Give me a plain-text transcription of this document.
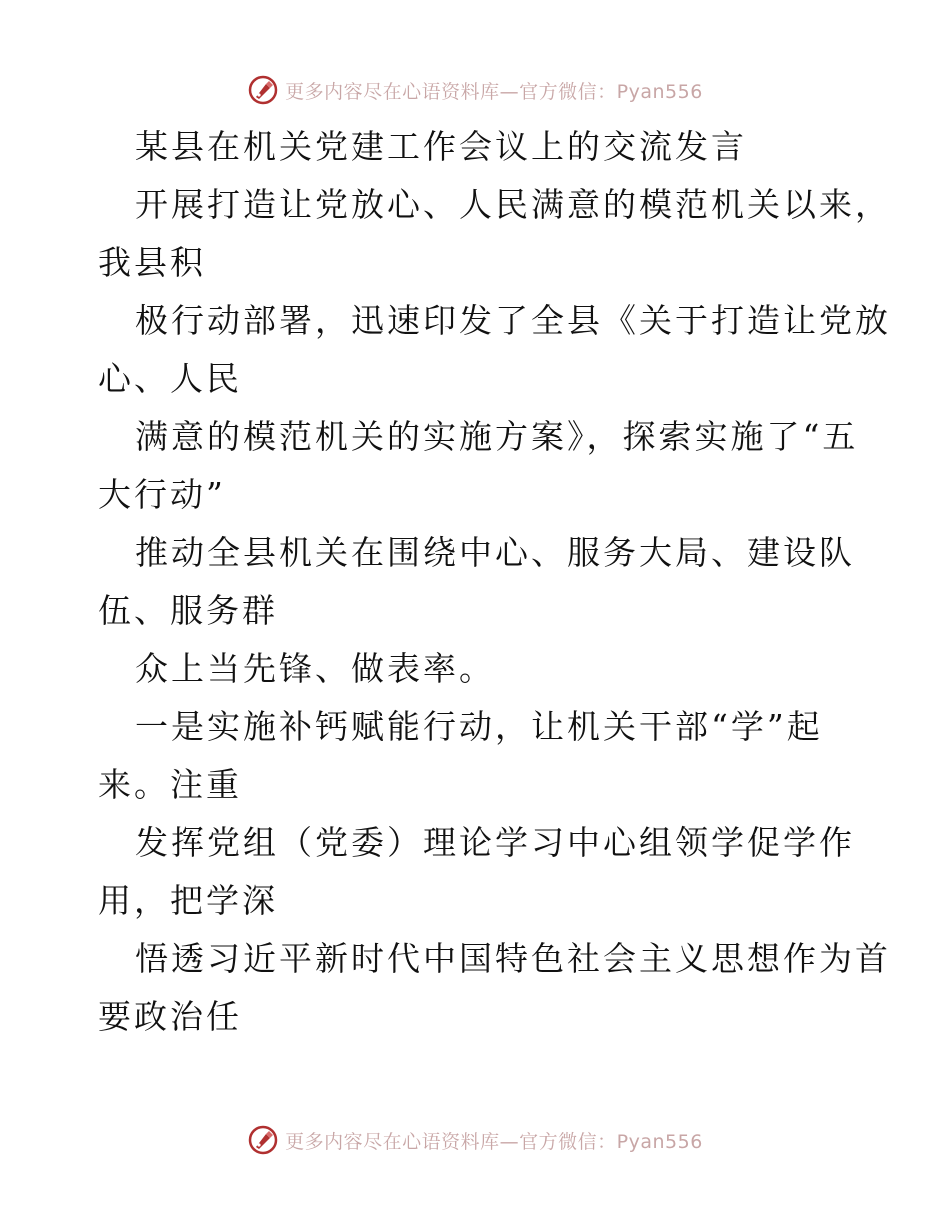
更多内容尽在心语资料库—官方微信：Pyan556
某县在机关党建工作会议上的交流发言
开展打造让党放心、人民满意的模范机关以来，
我县积
极行动部署，迅速印发了全县《关于打造让党放
心、人民
满意的模范机关的实施方案》，探索实施了“五
大行动”
推动全县机关在围绕中心、服务大局、建设队
伍、服务群
众上当先锋、做表率。
一是实施补钙赋能行动，让机关干部“学”起
来。注重
发挥党组（党委）理论学习中心组领学促学作
用，把学深
悟透习近平新时代中国特色社会主义思想作为首
要政治任
更多内容尽在心语资料库—官方微信：Pyan556
